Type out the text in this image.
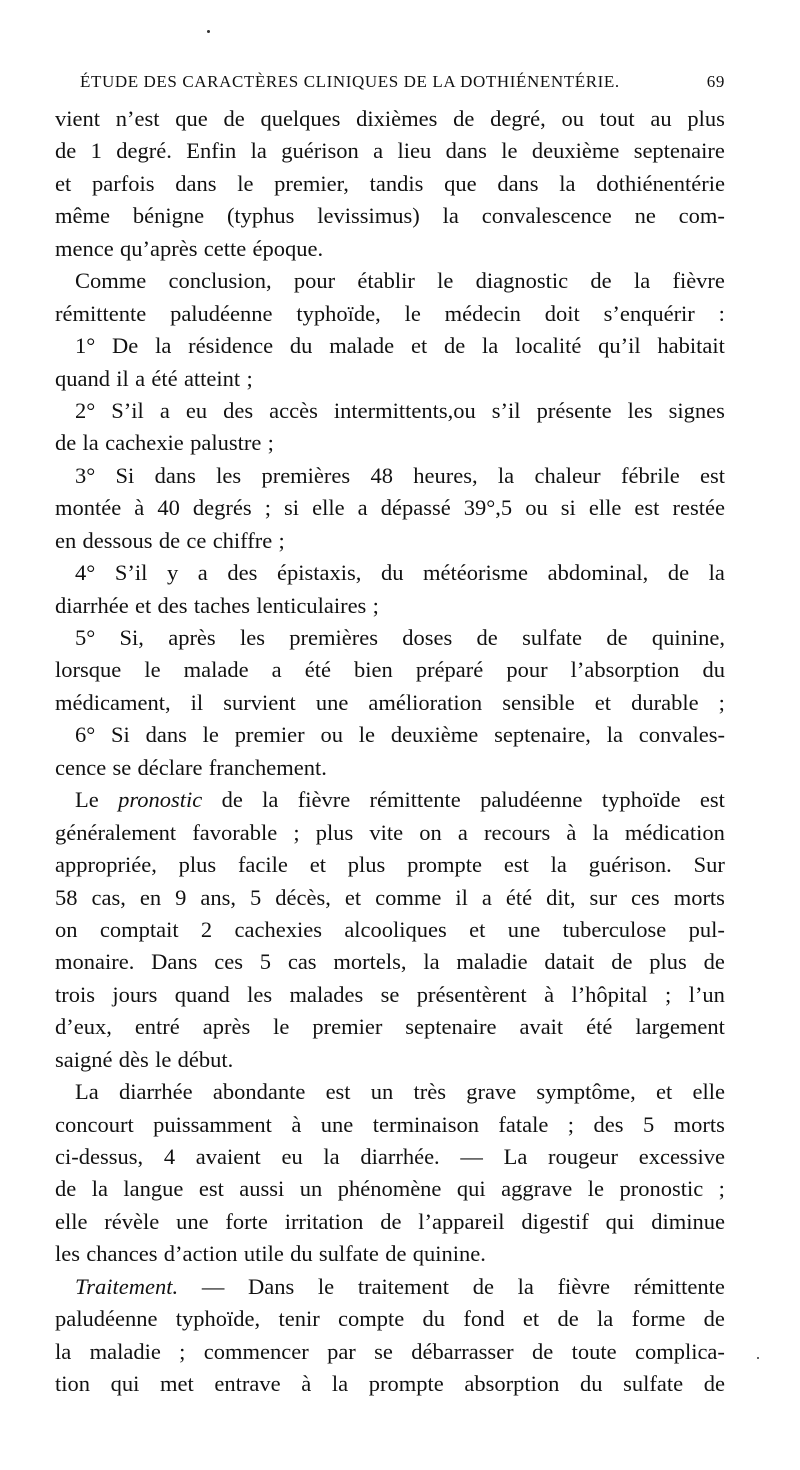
ÉTUDE DES CARACTÈRES CLINIQUES DE LA DOTHIÉNENTÉRIE.	69
vient n’est que de quelques dixièmes de degré, ou tout au plus
de 1 degré. Enfin la guérison a lieu dans le deuxième septenaire
et parfois dans le premier, tandis que dans la dothiénentérie
même bénigne (typhus levissimus) la convalescence ne com-
mence qu’après cette époque.
Comme conclusion, pour établir le diagnostic de la fièvre
rémittente paludéenne typhoïde, le médecin doit s’enquérir :
1° De la résidence du malade et de la localité qu’il habitait
quand il a été atteint ;
2° S’il a eu des accès intermittents,ou s’il présente les signes
de la cachexie palustre ;
3° Si dans les premières 48 heures, la chaleur fébrile est
montée à 40 degrés ; si elle a dépassé 39°,5 ou si elle est restée
en dessous de ce chiffre ;
4° S’il y a des épistaxis, du météorisme abdominal, de la
diarrhée et des taches lenticulaires ;
5° Si, après les premières doses de sulfate de quinine,
lorsque le malade a été bien préparé pour l’absorption du
médicament, il survient une amélioration sensible et durable ;
6° Si dans le premier ou le deuxième septenaire, la convales-
cence se déclare franchement.
Le pronostic de la fièvre rémittente paludéenne typhoïde est
généralement favorable ; plus vite on a recours à la médication
appropriée, plus facile et plus prompte est la guérison. Sur
58 cas, en 9 ans, 5 décès, et comme il a été dit, sur ces morts
on comptait 2 cachexies alcooliques et une tuberculose pul-
monaire. Dans ces 5 cas mortels, la maladie datait de plus de
trois jours quand les malades se présentèrent à l’hôpital ; l’un
d’eux, entré après le premier septenaire avait été largement
saigné dès le début.
La diarrhée abondante est un très grave symptôme, et elle
concourt puissamment à une terminaison fatale ; des 5 morts
ci-dessus, 4 avaient eu la diarrhée. — La rougeur excessive
de la langue est aussi un phénomène qui aggrave le pronostic ;
elle révèle une forte irritation de l’appareil digestif qui diminue
les chances d’action utile du sulfate de quinine.
Traitement. — Dans le traitement de la fièvre rémittente
paludéenne typhoïde, tenir compte du fond et de la forme de
la maladie ; commencer par se débarrasser de toute complica-
tion qui met entrave à la prompte absorption du sulfate de
